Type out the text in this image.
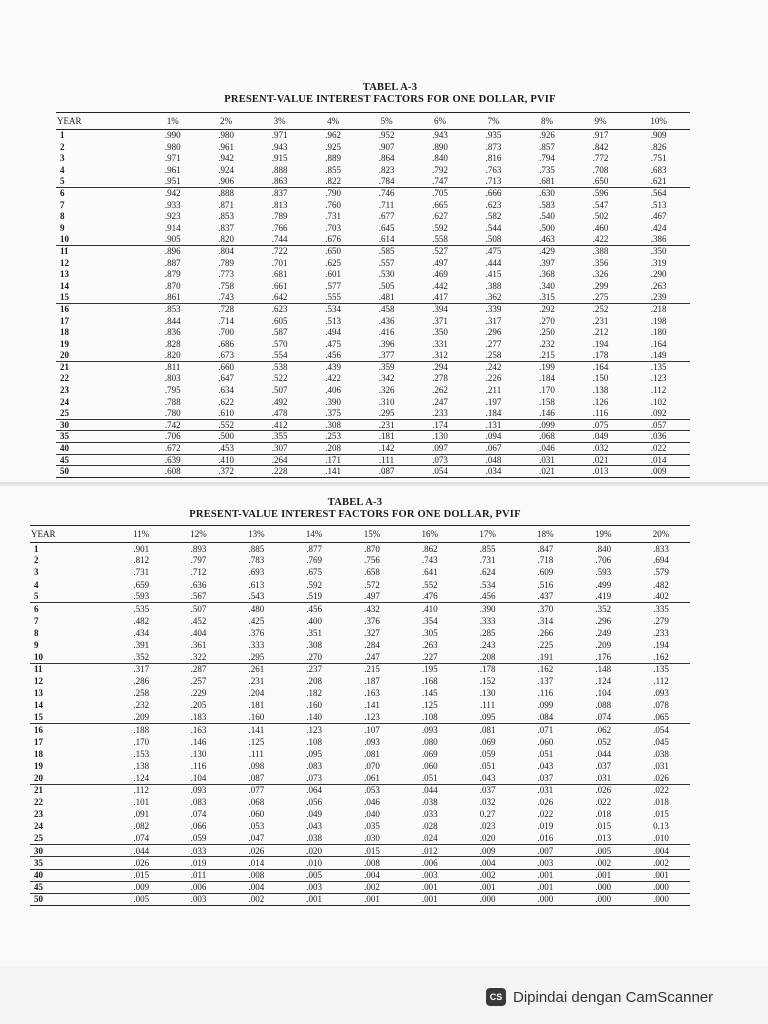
TABEL A-3
PRESENT-VALUE INTEREST FACTORS FOR ONE DOLLAR, PVIF
YEAR	1%	2%	3%	4%	5%	6%	7%	8%	9%	10%
1	.990	.980	.971	.962	.952	.943	.935	.926	.917	.909
2	.980	.961	.943	.925	.907	.890	.873	.857	.842	.826
3	.971	.942	.915	.889	.864	.840	.816	.794	.772	.751
4	.961	.924	.888	.855	.823	.792	.763	.735	.708	.683
5	.951	.906	.863	.822	.784	.747	.713	.681	.650	.621
6	.942	.888	.837	.790	.746	.705	.666	.630	.596	.564
7	.933	.871	.813	.760	.711	.665	.623	.583	.547	.513
8	.923	.853	.789	.731	.677	.627	.582	.540	.502	.467
9	.914	.837	.766	.703	.645	.592	.544	.500	.460	.424
10	.905	.820	.744	.676	.614	.558	.508	.463	.422	.386
11	.896	.804	.722	.650	.585	.527	.475	.429	.388	.350
12	.887	.789	.701	.625	.557	.497	.444	.397	.356	.319
13	.879	.773	.681	.601	.530	.469	.415	.368	.326	.290
14	.870	.758	.661	.577	.505	.442	.388	.340	.299	.263
15	.861	.743	.642	.555	.481	.417	.362	.315	.275	.239
16	.853	.728	.623	.534	.458	.394	.339	.292	.252	.218
17	.844	.714	.605	.513	.436	.371	.317	.270	.231	.198
18	.836	.700	.587	.494	.416	.350	.296	.250	.212	.180
19	.828	.686	.570	.475	.396	.331	.277	.232	.194	.164
20	.820	.673	.554	.456	.377	.312	.258	.215	.178	.149
21	.811	.660	.538	.439	.359	.294	.242	.199	.164	.135
22	.803	.647	.522	.422	.342	.278	.226	.184	.150	.123
23	.795	.634	.507	.406	.326	.262	.211	.170	.138	.112
24	.788	.622	.492	.390	.310	.247	.197	.158	.126	.102
25	.780	.610	.478	.375	.295	.233	.184	.146	.116	.092
30	.742	.552	.412	.308	.231	.174	.131	.099	.075	.057
35	.706	.500	.355	.253	.181	.130	.094	.068	.049	.036
40	.672	.453	.307	.208	.142	.097	.067	.046	.032	.022
45	.639	.410	.264	.171	.111	.073	.048	.031	.021	.014
50	.608	.372	.228	.141	.087	.054	.034	.021	.013	.009
TABEL A-3
PRESENT-VALUE INTEREST FACTORS FOR ONE DOLLAR, PVIF
YEAR	11%	12%	13%	14%	15%	16%	17%	18%	19%	20%
1	.901	.893	.885	.877	.870	.862	.855	.847	.840	.833
2	.812	.797	.783	.769	.756	.743	.731	.718	.706	.694
3	.731	.712	.693	.675	.658	.641	.624	.609	.593	.579
4	.659	.636	.613	.592	.572	.552	.534	.516	.499	.482
5	.593	.567	.543	.519	.497	.476	.456	.437	.419	.402
6	.535	.507	.480	.456	.432	.410	.390	.370	.352	.335
7	.482	.452	.425	.400	.376	.354	.333	.314	.296	.279
8	.434	.404	.376	.351	.327	.305	.285	.266	.249	.233
9	.391	.361	.333	.308	.284	.263	.243	.225	.209	.194
10	.352	.322	.295	.270	.247	.227	.208	.191	.176	.162
11	.317	.287	.261	.237	.215	.195	.178	.162	.148	.135
12	.286	.257	.231	.208	.187	.168	.152	.137	.124	.112
13	.258	.229	.204	.182	.163	.145	.130	.116	.104	.093
14	.232	.205	.181	.160	.141	.125	.111	.099	.088	.078
15	.209	.183	.160	.140	.123	.108	.095	.084	.074	.065
16	.188	.163	.141	.123	.107	.093	.081	.071	.062	.054
17	.170	.146	.125	.108	.093	.080	.069	.060	.052	.045
18	.153	.130	.111	.095	.081	.069	.059	.051	.044	.038
19	.138	.116	.098	.083	.070	.060	.051	.043	.037	.031
20	.124	.104	.087	.073	.061	.051	.043	.037	.031	.026
21	.112	.093	.077	.064	.053	.044	.037	.031	.026	.022
22	.101	.083	.068	.056	.046	.038	.032	.026	.022	.018
23	.091	.074	.060	.049	.040	.033	0.27	.022	.018	.015
24	.082	.066	.053	.043	.035	.028	.023	.019	.015	0.13
25	.074	.059	.047	.038	.030	.024	.020	.016	.013	.010
30	.044	.033	.026	.020	.015	.012	.009	.007	.005	.004
35	.026	.019	.014	.010	.008	.006	.004	.003	.002	.002
40	.015	.011	.008	.005	.004	.003	.002	.001	.001	.001
45	.009	.006	.004	.003	.002	.001	.001	.001	.000	.000
50	.005	.003	.002	.001	.001	.001	.000	.000	.000	.000
CS Dipindai dengan CamScanner
